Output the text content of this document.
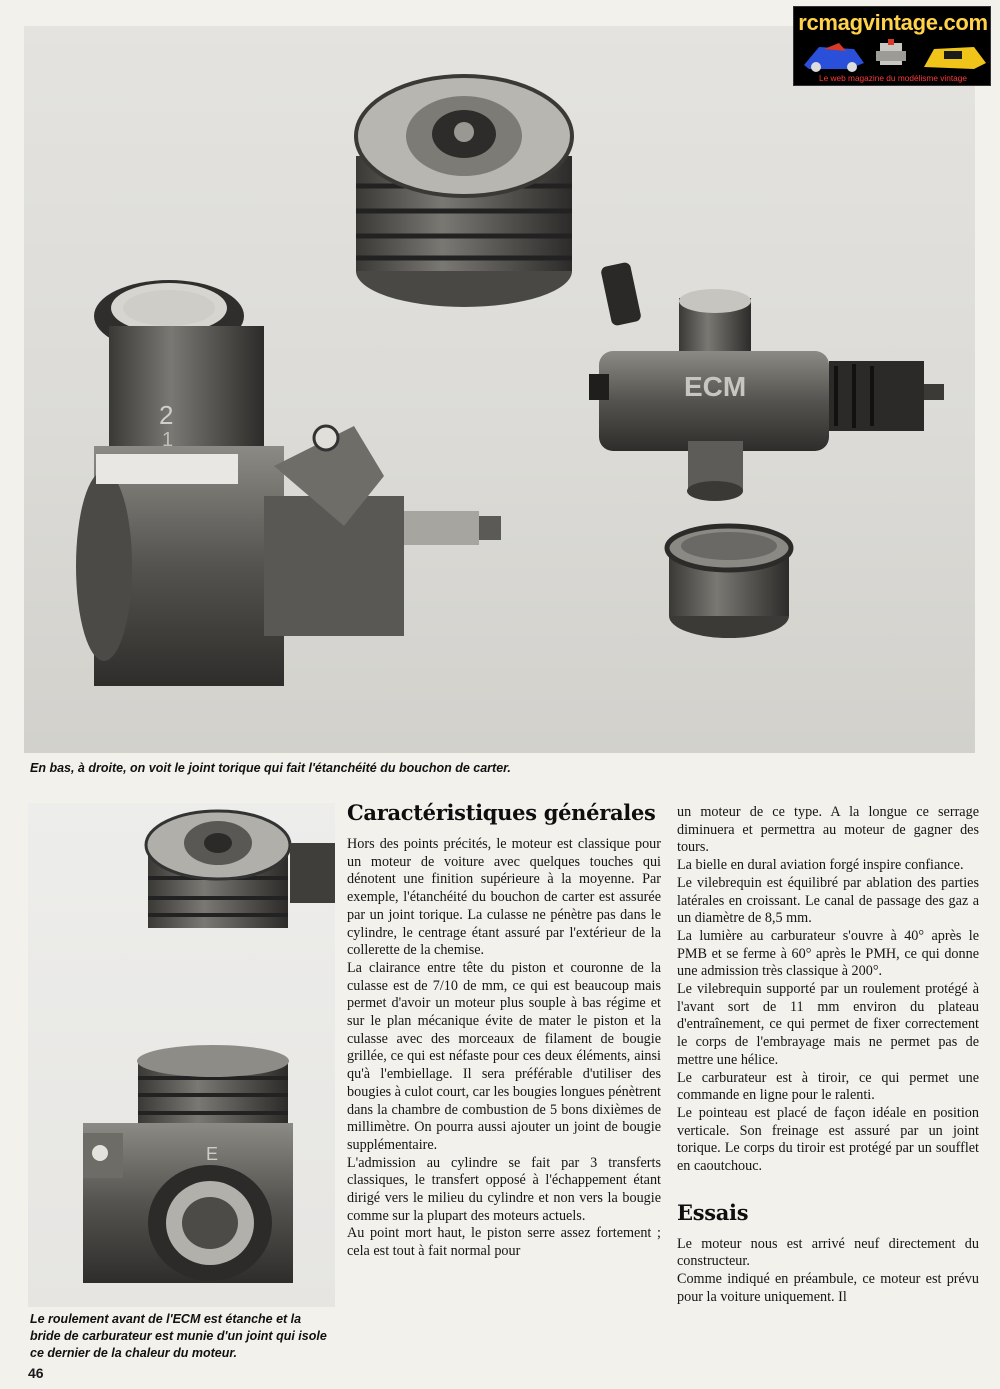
2
1
ECM
En bas, à droite, on voit le joint torique qui fait l'étanchéité du bouchon de carter.
E
Le roulement avant de l'ECM est étanche et la bride de carburateur est munie d'un joint qui isole ce dernier de la chaleur du moteur.
Caractéristiques générales

Hors des points précités, le moteur est classique pour un moteur de voiture avec quelques touches qui dénotent une finition supérieure à la moyenne. Par exemple, l'étanchéité du bouchon de carter est assurée par un joint torique. La culasse ne pénètre pas dans le cylindre, le centrage étant assuré par l'extérieur de la collerette de la chemise.

La clairance entre tête du piston et couronne de la culasse est de 7/10 de mm, ce qui est beaucoup mais permet d'avoir un moteur plus souple à bas régime et sur le plan mécanique évite de mater le piston et la culasse avec des morceaux de filament de bougie grillée, ce qui est néfaste pour ces deux éléments, ainsi qu'à l'embiellage. Il sera préférable d'utiliser des bougies à culot court, car les bougies longues pénètrent dans la chambre de combustion de 5 bons dixièmes de millimètre. On pourra aussi ajouter un joint de bougie supplémentaire.

L'admission au cylindre se fait par 3 transferts classiques, le transfert opposé à l'échappement étant dirigé vers le milieu du cylindre et non vers la bougie comme sur la plupart des moteurs actuels.

Au point mort haut, le piston serre assez fortement ; cela est tout à fait normal pour

un moteur de ce type. A la longue ce serrage diminuera et permettra au moteur de gagner des tours.

La bielle en dural aviation forgé inspire confiance.

Le vilebrequin est équilibré par ablation des parties latérales en croissant. Le canal de passage des gaz a un diamètre de 8,5 mm.

La lumière au carburateur s'ouvre à 40° après le PMB et se ferme à 60° après le PMH, ce qui donne une admission très classique à 200°.

Le vilebrequin supporté par un roulement protégé à l'avant sort de 11 mm environ du plateau d'entraînement, ce qui permet de fixer correctement le corps de l'embrayage mais ne permet pas de mettre une hélice.

Le carburateur est à tiroir, ce qui permet une commande en ligne pour le ralenti.

Le pointeau est placé de façon idéale en position verticale. Son freinage est assuré par un joint torique. Le corps du tiroir est protégé par un soufflet en caoutchouc.

Essais

Le moteur nous est arrivé neuf directement du constructeur.

Comme indiqué en préambule, ce moteur est prévu pour la voiture uniquement. Il

46
rcmagvintage.com
Le web magazine du modélisme vintage
